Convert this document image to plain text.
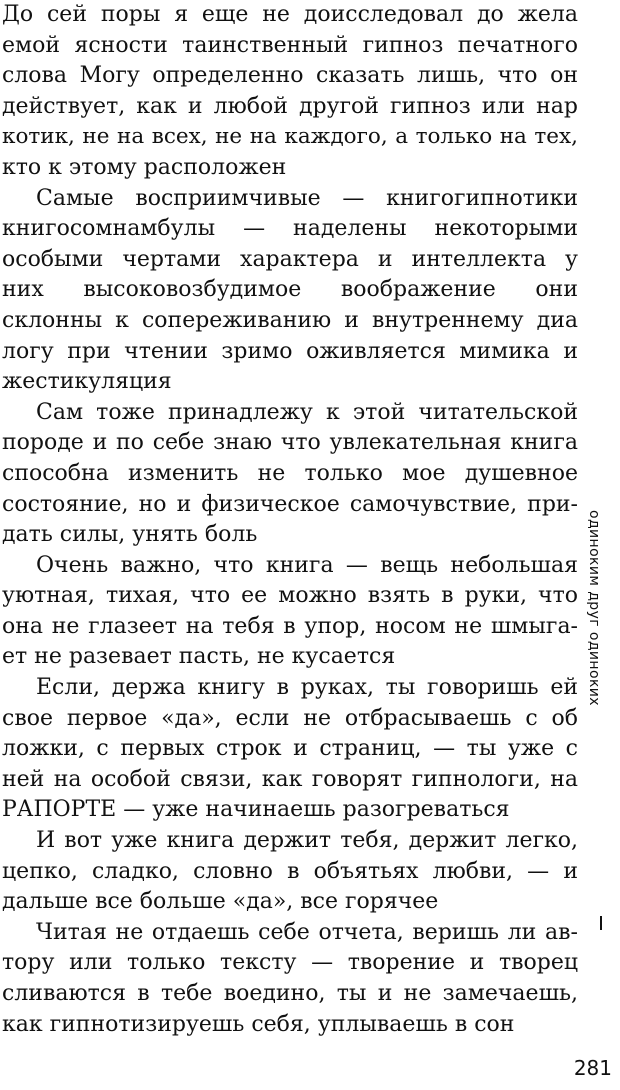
До сей поры я еще не доисследовал до жела
емой ясности таинственный гипноз печатного
слова Могу определенно сказать лишь, что он
действует, как и любой другой гипноз или нар
котик, не на всех, не на каждого, а только на тех,
кто к этому расположен
Самые восприимчивые — книгогипнотики
книгосомнамбулы — наделены некоторыми
особыми чертами характера и интеллекта у
них высоковозбудимое воображение они
склонны к сопереживанию и внутреннему диа
логу при чтении зримо оживляется мимика и
жестикуляция
Сам тоже принадлежу к этой читательской
породе и по себе знаю что увлекательная книга
способна изменить не только мое душевное
состояние, но и физическое самочувствие, при-
дать силы, унять боль
Очень важно, что книга — вещь небольшая
уютная, тихая, что ее можно взять в руки, что
она не глазеет на тебя в упор, носом не шмыга-
ет не разевает пасть, не кусается
Если, держа книгу в руках, ты говоришь ей
свое первое «да», если не отбрасываешь с об
ложки, с первых строк и страниц, — ты уже с
ней на особой связи, как говорят гипнологи, на
РАПОРТЕ — уже начинаешь разогреваться
И вот уже книга держит тебя, держит легко,
цепко, сладко, словно в объятьях любви, — и
дальше все больше «да», все горячее
Читая не отдаешь себе отчета, веришь ли ав-
тору или только тексту — творение и творец
сливаются в тебе воедино, ты и не замечаешь,
как гипнотизируешь себя, уплываешь в сон
одиноким друг одиноких
281
